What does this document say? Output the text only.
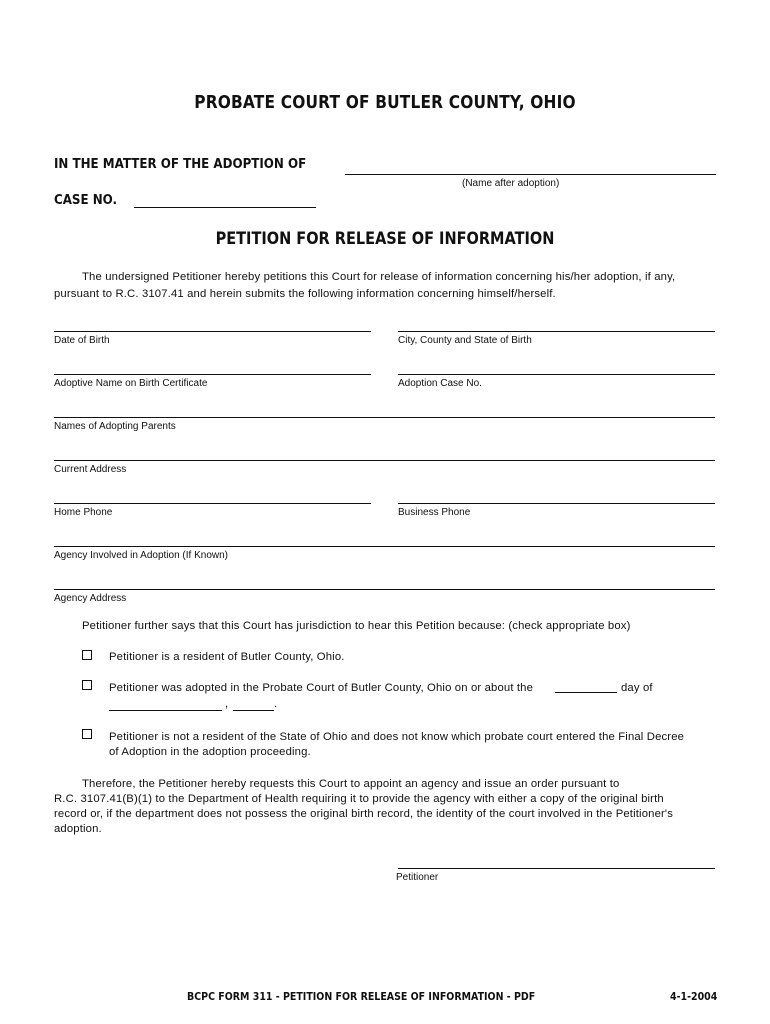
PROBATE COURT OF BUTLER COUNTY, OHIO
IN THE MATTER OF THE ADOPTION OF
(Name after adoption)
CASE NO.
PETITION FOR RELEASE OF INFORMATION
The undersigned Petitioner hereby petitions this Court for release of information concerning his/her adoption, if any,
pursuant to R.C. 3107.41 and herein submits the following information concerning himself/herself.
Date of Birth	City, County and State of Birth
Adoptive Name on Birth Certificate	Adoption Case No.
Names of Adopting Parents
Current Address
Home Phone	Business Phone
Agency Involved in Adoption (If Known)
Agency Address
Petitioner further says that this Court has jurisdiction to hear this Petition because: (check appropriate box)
Petitioner is a resident of Butler County, Ohio.
Petitioner was adopted in the Probate Court of Butler County, Ohio on or about the	day of
,	.
Petitioner is not a resident of the State of Ohio and does not know which probate court entered the Final Decree
of Adoption in the adoption proceeding.
Therefore, the Petitioner hereby requests this Court to appoint an agency and issue an order pursuant to
R.C. 3107.41(B)(1) to the Department of Health requiring it to provide the agency with either a copy of the original birth
record or, if the department does not possess the original birth record, the identity of the court involved in the Petitioner's
adoption.
Petitioner
BCPC FORM 311 - PETITION FOR RELEASE OF INFORMATION - PDF	4-1-2004
